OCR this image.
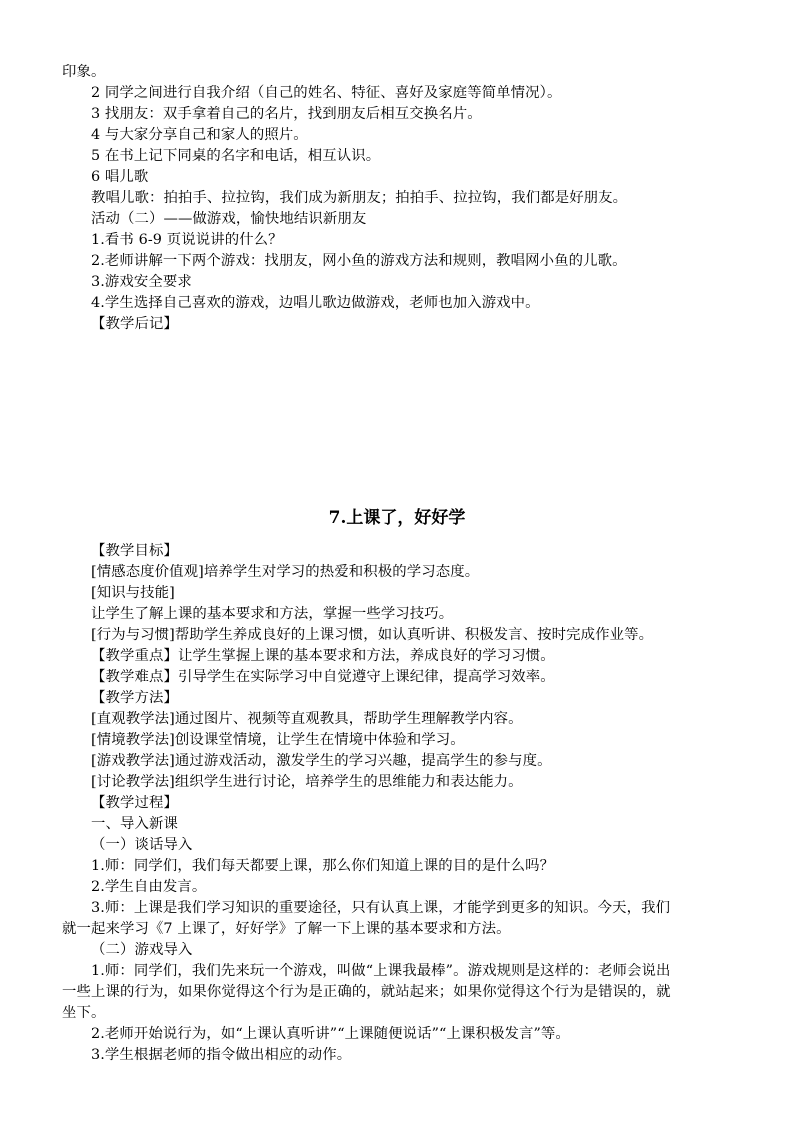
印象。
2 同学之间进行自我介绍（自己的姓名、特征、喜好及家庭等简单情况）。
3 找朋友：双手拿着自己的名片，找到朋友后相互交换名片。
4 与大家分享自己和家人的照片。
5 在书上记下同桌的名字和电话，相互认识。
6 唱儿歌
教唱儿歌：拍拍手、拉拉钩，我们成为新朋友；拍拍手、拉拉钩，我们都是好朋友。
活动（二）——做游戏，愉快地结识新朋友
1.看书 6-9 页说说讲的什么？
2.老师讲解一下两个游戏：找朋友，网小鱼的游戏方法和规则，教唱网小鱼的儿歌。
3.游戏安全要求
4.学生选择自己喜欢的游戏，边唱儿歌边做游戏，老师也加入游戏中。
【教学后记】
7.上课了，好好学
【教学目标】
[情感态度价值观]培养学生对学习的热爱和积极的学习态度。
[知识与技能]
让学生了解上课的基本要求和方法，掌握一些学习技巧。
[行为与习惯]帮助学生养成良好的上课习惯，如认真听讲、积极发言、按时完成作业等。
【教学重点】让学生掌握上课的基本要求和方法，养成良好的学习习惯。
【教学难点】引导学生在实际学习中自觉遵守上课纪律，提高学习效率。
【教学方法】
[直观教学法]通过图片、视频等直观教具，帮助学生理解教学内容。
[情境教学法]创设课堂情境，让学生在情境中体验和学习。
[游戏教学法]通过游戏活动，激发学生的学习兴趣，提高学生的参与度。
[讨论教学法]组织学生进行讨论，培养学生的思维能力和表达能力。
【教学过程】
一、导入新课
（一）谈话导入
1.师：同学们，我们每天都要上课，那么你们知道上课的目的是什么吗？
2.学生自由发言。
3.师：上课是我们学习知识的重要途径，只有认真上课，才能学到更多的知识。今天，我们
就一起来学习《7 上课了，好好学》了解一下上课的基本要求和方法。
（二）游戏导入
1.师：同学们，我们先来玩一个游戏，叫做“上课我最棒”。游戏规则是这样的：老师会说出
一些上课的行为，如果你觉得这个行为是正确的，就站起来；如果你觉得这个行为是错误的，就
坐下。
2.老师开始说行为，如“上课认真听讲”“上课随便说话”“上课积极发言”等。
3.学生根据老师的指令做出相应的动作。
